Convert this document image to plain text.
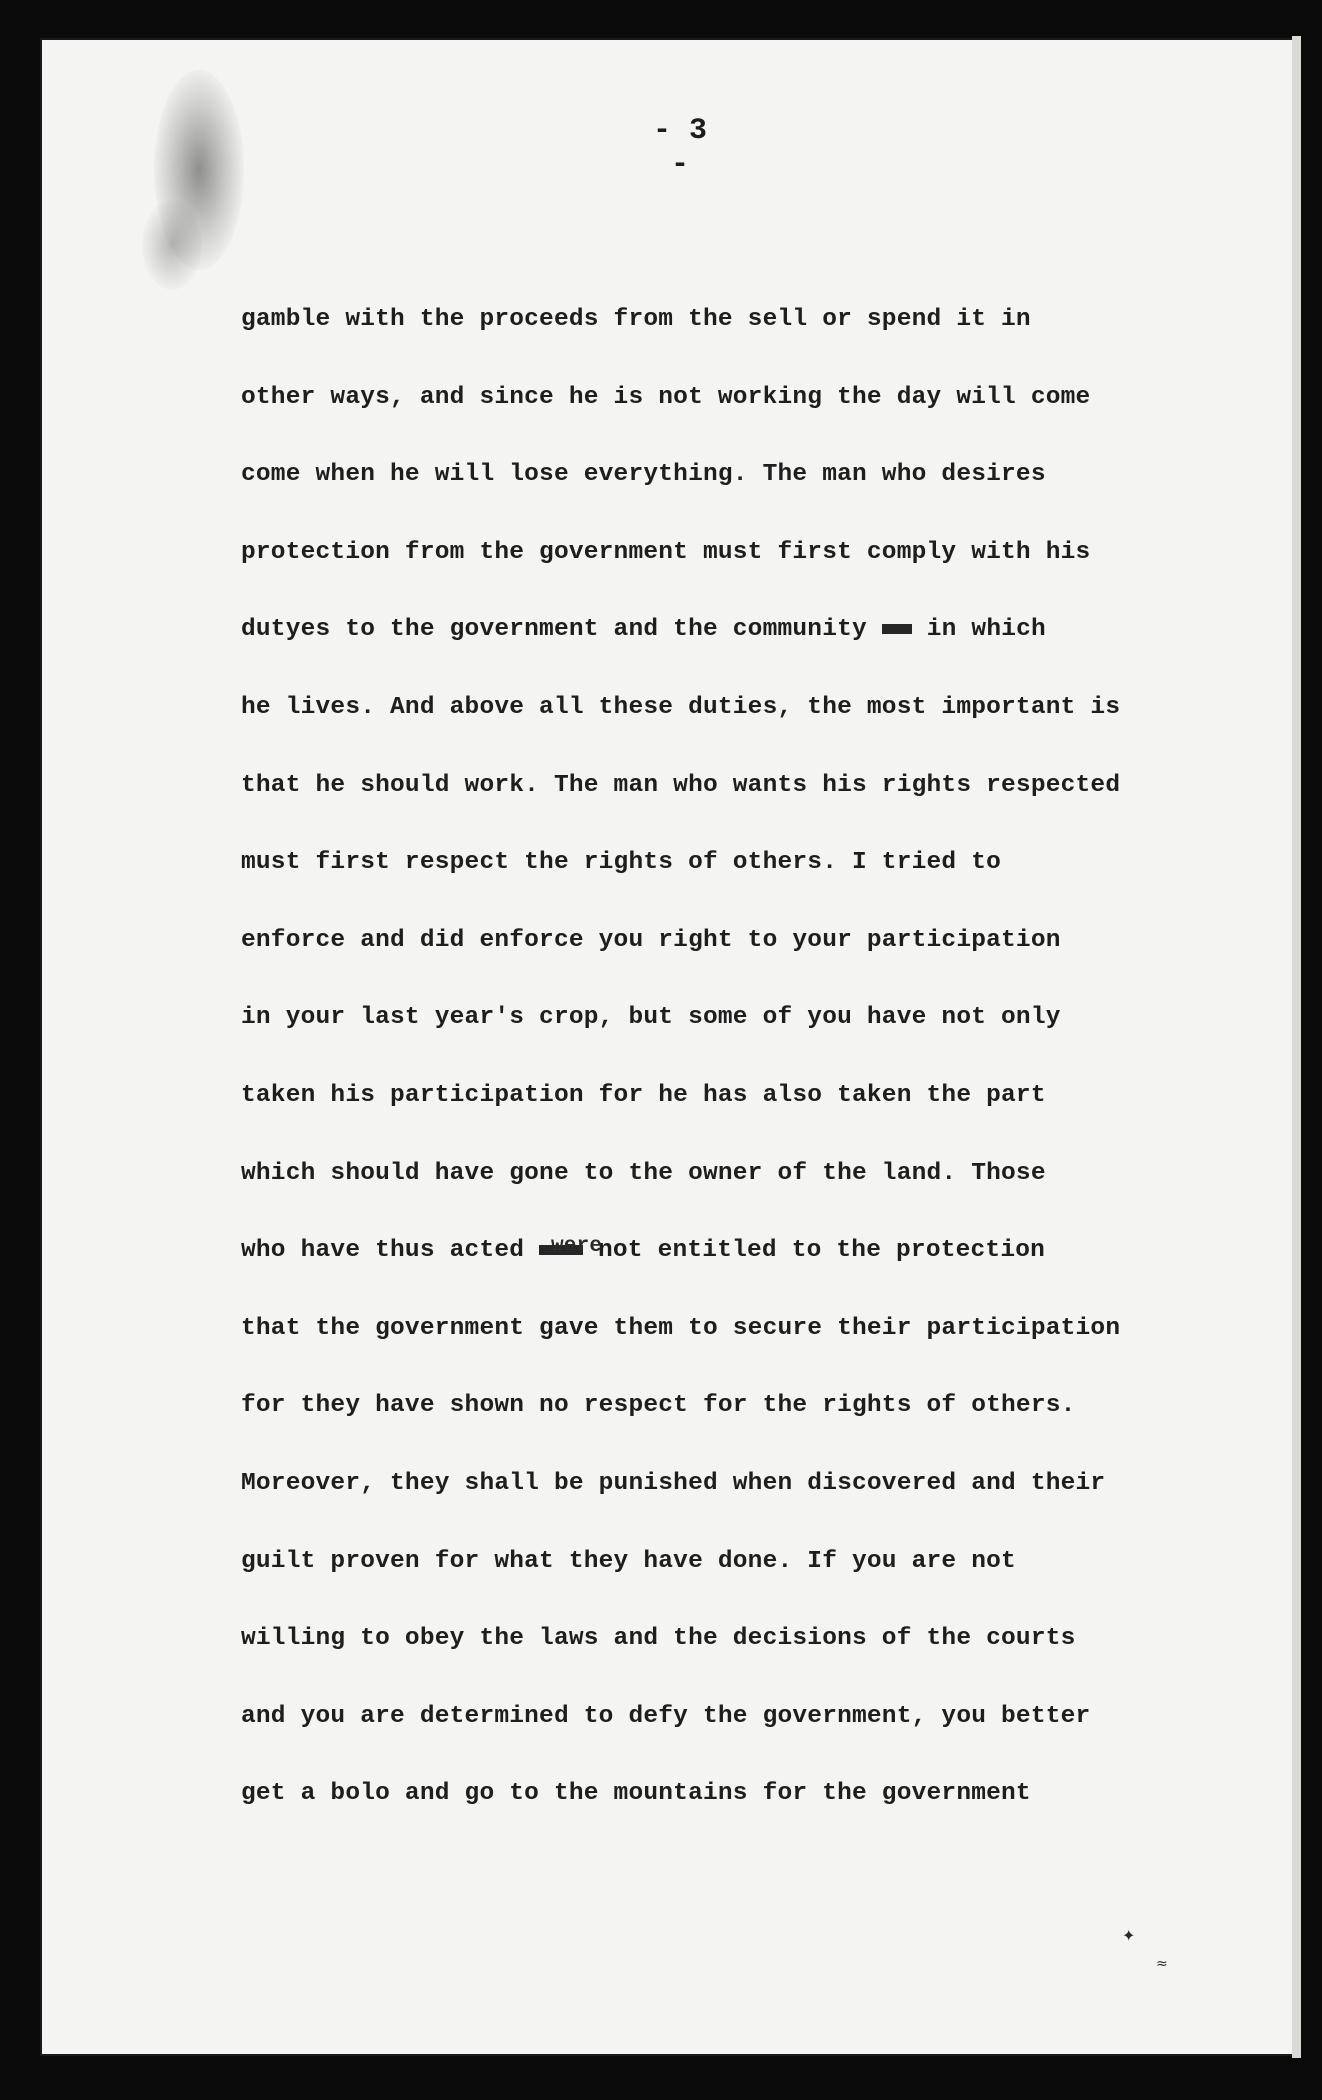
- 3 -
gamble with the proceeds from the sell or spend it in
other ways, and since he is not working the day will come
come when he will lose everything. The man who desires
protection from the government must first comply with his
dutyes to the government and the community in which
he lives. And above all these duties, the most important is
that he should work. The man who wants his rights respected
must first respect the rights of others. I tried to
enforce and did enforce you right to your participation
in your last year's crop, but some of you have not only
taken his participation for he has also taken the part
which should have gone to the owner of the land. Those
were
who have thus acted	not entitled to the protection
that the government gave them to secure their participation
for they have shown no respect for the rights of others.
Moreover, they shall be punished when discovered and their
guilt proven for what they have done. If you are not
willing to obey the laws and the decisions of the courts
and you are determined to defy the government, you better
get a bolo and go to the mountains for the government
✦
≈
